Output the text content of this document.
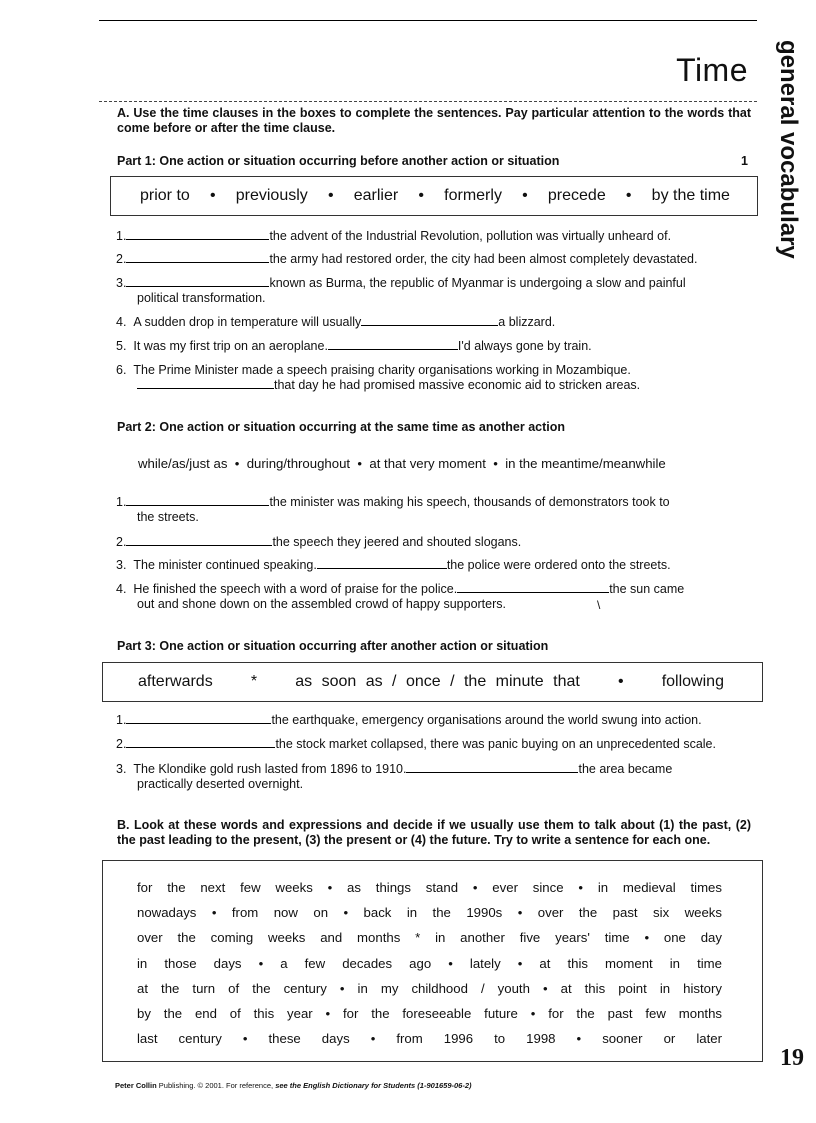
Time general vocabulary
A. Use the time clauses in the boxes to complete the sentences. Pay particular attention to the words that come before or after the time clause.
Part 1: One action or situation occurring before another action or situation	1
prior to • previously • earlier • formerly • precede • by the time
1.	the advent of the Industrial Revolution, pollution was virtually unheard of.
2.	the army had restored order, the city had been almost completely devastated.
3.	known as Burma, the republic of Myanmar is undergoing a slow and painful
political transformation.
4. A sudden drop in temperature will usually	a blizzard.
5. It was my first trip on an aeroplane.	I'd always gone by train.
6. The Prime Minister made a speech praising charity organisations working in Mozambique.
that day he had promised massive economic aid to stricken areas.
Part 2: One action or situation occurring at the same time as another action
while/as/just as  •  during/throughout  •  at that very moment  •  in the meantime/meanwhile
1.	the minister was making his speech, thousands of demonstrators took to
the streets.
2.	the speech they jeered and shouted slogans.
3. The minister continued speaking.	the police were ordered onto the streets.
4. He finished the speech with a word of praise for the police.	the sun came
out and shone down on the assembled crowd of happy supporters.	\
Part 3: One action or situation occurring after another action or situation
afterwards * as soon as / once / the minute that • following
1.	the earthquake, emergency organisations around the world swung into action.
2.	the stock market collapsed, there was panic buying on an unprecedented scale.
3. The Klondike gold rush lasted from 1896 to 1910.	the area became
practically deserted overnight.
B. Look at these words and expressions and decide if we usually use them to talk about (1) the past, (2) the past leading to the present, (3) the present or (4) the future. Try to write a sentence for each one.
for the next few weeks • as things stand • ever since • in medieval times
nowadays • from now on • back in the 1990s • over the past six weeks
over the coming weeks and months * in another five years' time • one day
in those days • a few decades ago • lately • at this moment in time
at the turn of the century • in my childhood / youth • at this point in history
by the end of this year • for the foreseeable future • for the past few months
last century • these days • from 1996 to 1998 • sooner or later
19
Peter Collin Publishing. © 2001. For reference, see the English Dictionary for Students (1-901659-06-2)
